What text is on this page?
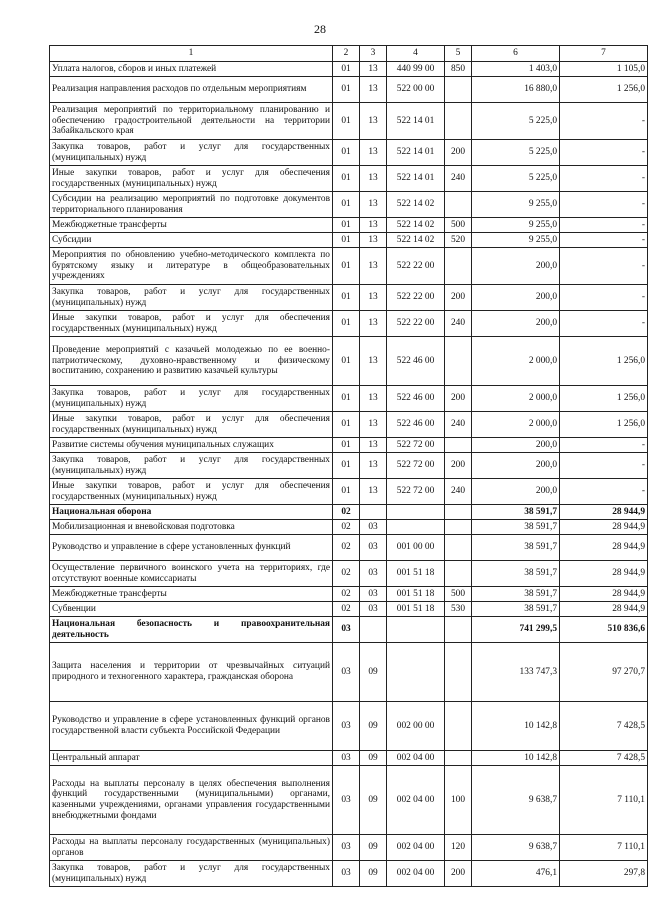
28
1	2	3	4	5	6	7
Уплата налогов, сборов и иных платежей	01	13	440 99 00	850	1 403,0	1 105,0
Реализация направления расходов по отдельным мероприятиям	01	13	522 00 00		16 880,0	1 256,0
Реализация мероприятий по территориальному планированию и обеспечению градостроительной деятельности на территории Забайкальского края	01	13	522 14 01		5 225,0	-
Закупка товаров, работ и услуг для государственных (муниципальных) нужд	01	13	522 14 01	200	5 225,0	-
Иные закупки товаров, работ и услуг для обеспечения государственных (муниципальных) нужд	01	13	522 14 01	240	5 225,0	-
Субсидии на реализацию мероприятий по подготовке документов территориального планирования	01	13	522 14 02		9 255,0	-
Межбюджетные трансферты	01	13	522 14 02	500	9 255,0	-
Субсидии	01	13	522 14 02	520	9 255,0	-
Мероприятия по обновлению учебно-методического комплекта по бурятскому языку и литературе в общеобразовательных учреждениях	01	13	522 22 00		200,0	-
Закупка товаров, работ и услуг для государственных (муниципальных) нужд	01	13	522 22 00	200	200,0	-
Иные закупки товаров, работ и услуг для обеспечения государственных (муниципальных) нужд	01	13	522 22 00	240	200,0	-
Проведение мероприятий с казачьей молодежью по ее военно-патриотическому, духовно-нравственному и физическому воспитанию, сохранению и развитию казачьей культуры	01	13	522 46 00		2 000,0	1 256,0
Закупка товаров, работ и услуг для государственных (муниципальных) нужд	01	13	522 46 00	200	2 000,0	1 256,0
Иные закупки товаров, работ и услуг для обеспечения государственных (муниципальных) нужд	01	13	522 46 00	240	2 000,0	1 256,0
Развитие системы обучения муниципальных служащих	01	13	522 72 00		200,0	-
Закупка товаров, работ и услуг для государственных (муниципальных) нужд	01	13	522 72 00	200	200,0	-
Иные закупки товаров, работ и услуг для обеспечения государственных (муниципальных) нужд	01	13	522 72 00	240	200,0	-
Национальная оборона	02				38 591,7	28 944,9
Мобилизационная и вневойсковая подготовка	02	03			38 591,7	28 944,9
Руководство и управление в сфере установленных функций	02	03	001 00 00		38 591,7	28 944,9
Осуществление первичного воинского учета на территориях, где отсутствуют военные комиссариаты	02	03	001 51 18		38 591,7	28 944,9
Межбюджетные трансферты	02	03	001 51 18	500	38 591,7	28 944,9
Субвенции	02	03	001 51 18	530	38 591,7	28 944,9
Национальная безопасность и правоохранительная деятельность	03				741 299,5	510 836,6
Защита населения и территории от чрезвычайных ситуаций природного и техногенного характера, гражданская оборона	03	09			133 747,3	97 270,7
Руководство и управление в сфере установленных функций органов государственной власти субъекта Российской Федерации	03	09	002 00 00		10 142,8	7 428,5
Центральный аппарат	03	09	002 04 00		10 142,8	7 428,5
Расходы на выплаты персоналу в целях обеспечения выполнения функций государственными (муниципальными) органами, казенными учреждениями, органами управления государственными внебюджетными фондами	03	09	002 04 00	100	9 638,7	7 110,1
Расходы на выплаты персоналу государственных (муниципальных) органов	03	09	002 04 00	120	9 638,7	7 110,1
Закупка товаров, работ и услуг для государственных (муниципальных) нужд	03	09	002 04 00	200	476,1	297,8
